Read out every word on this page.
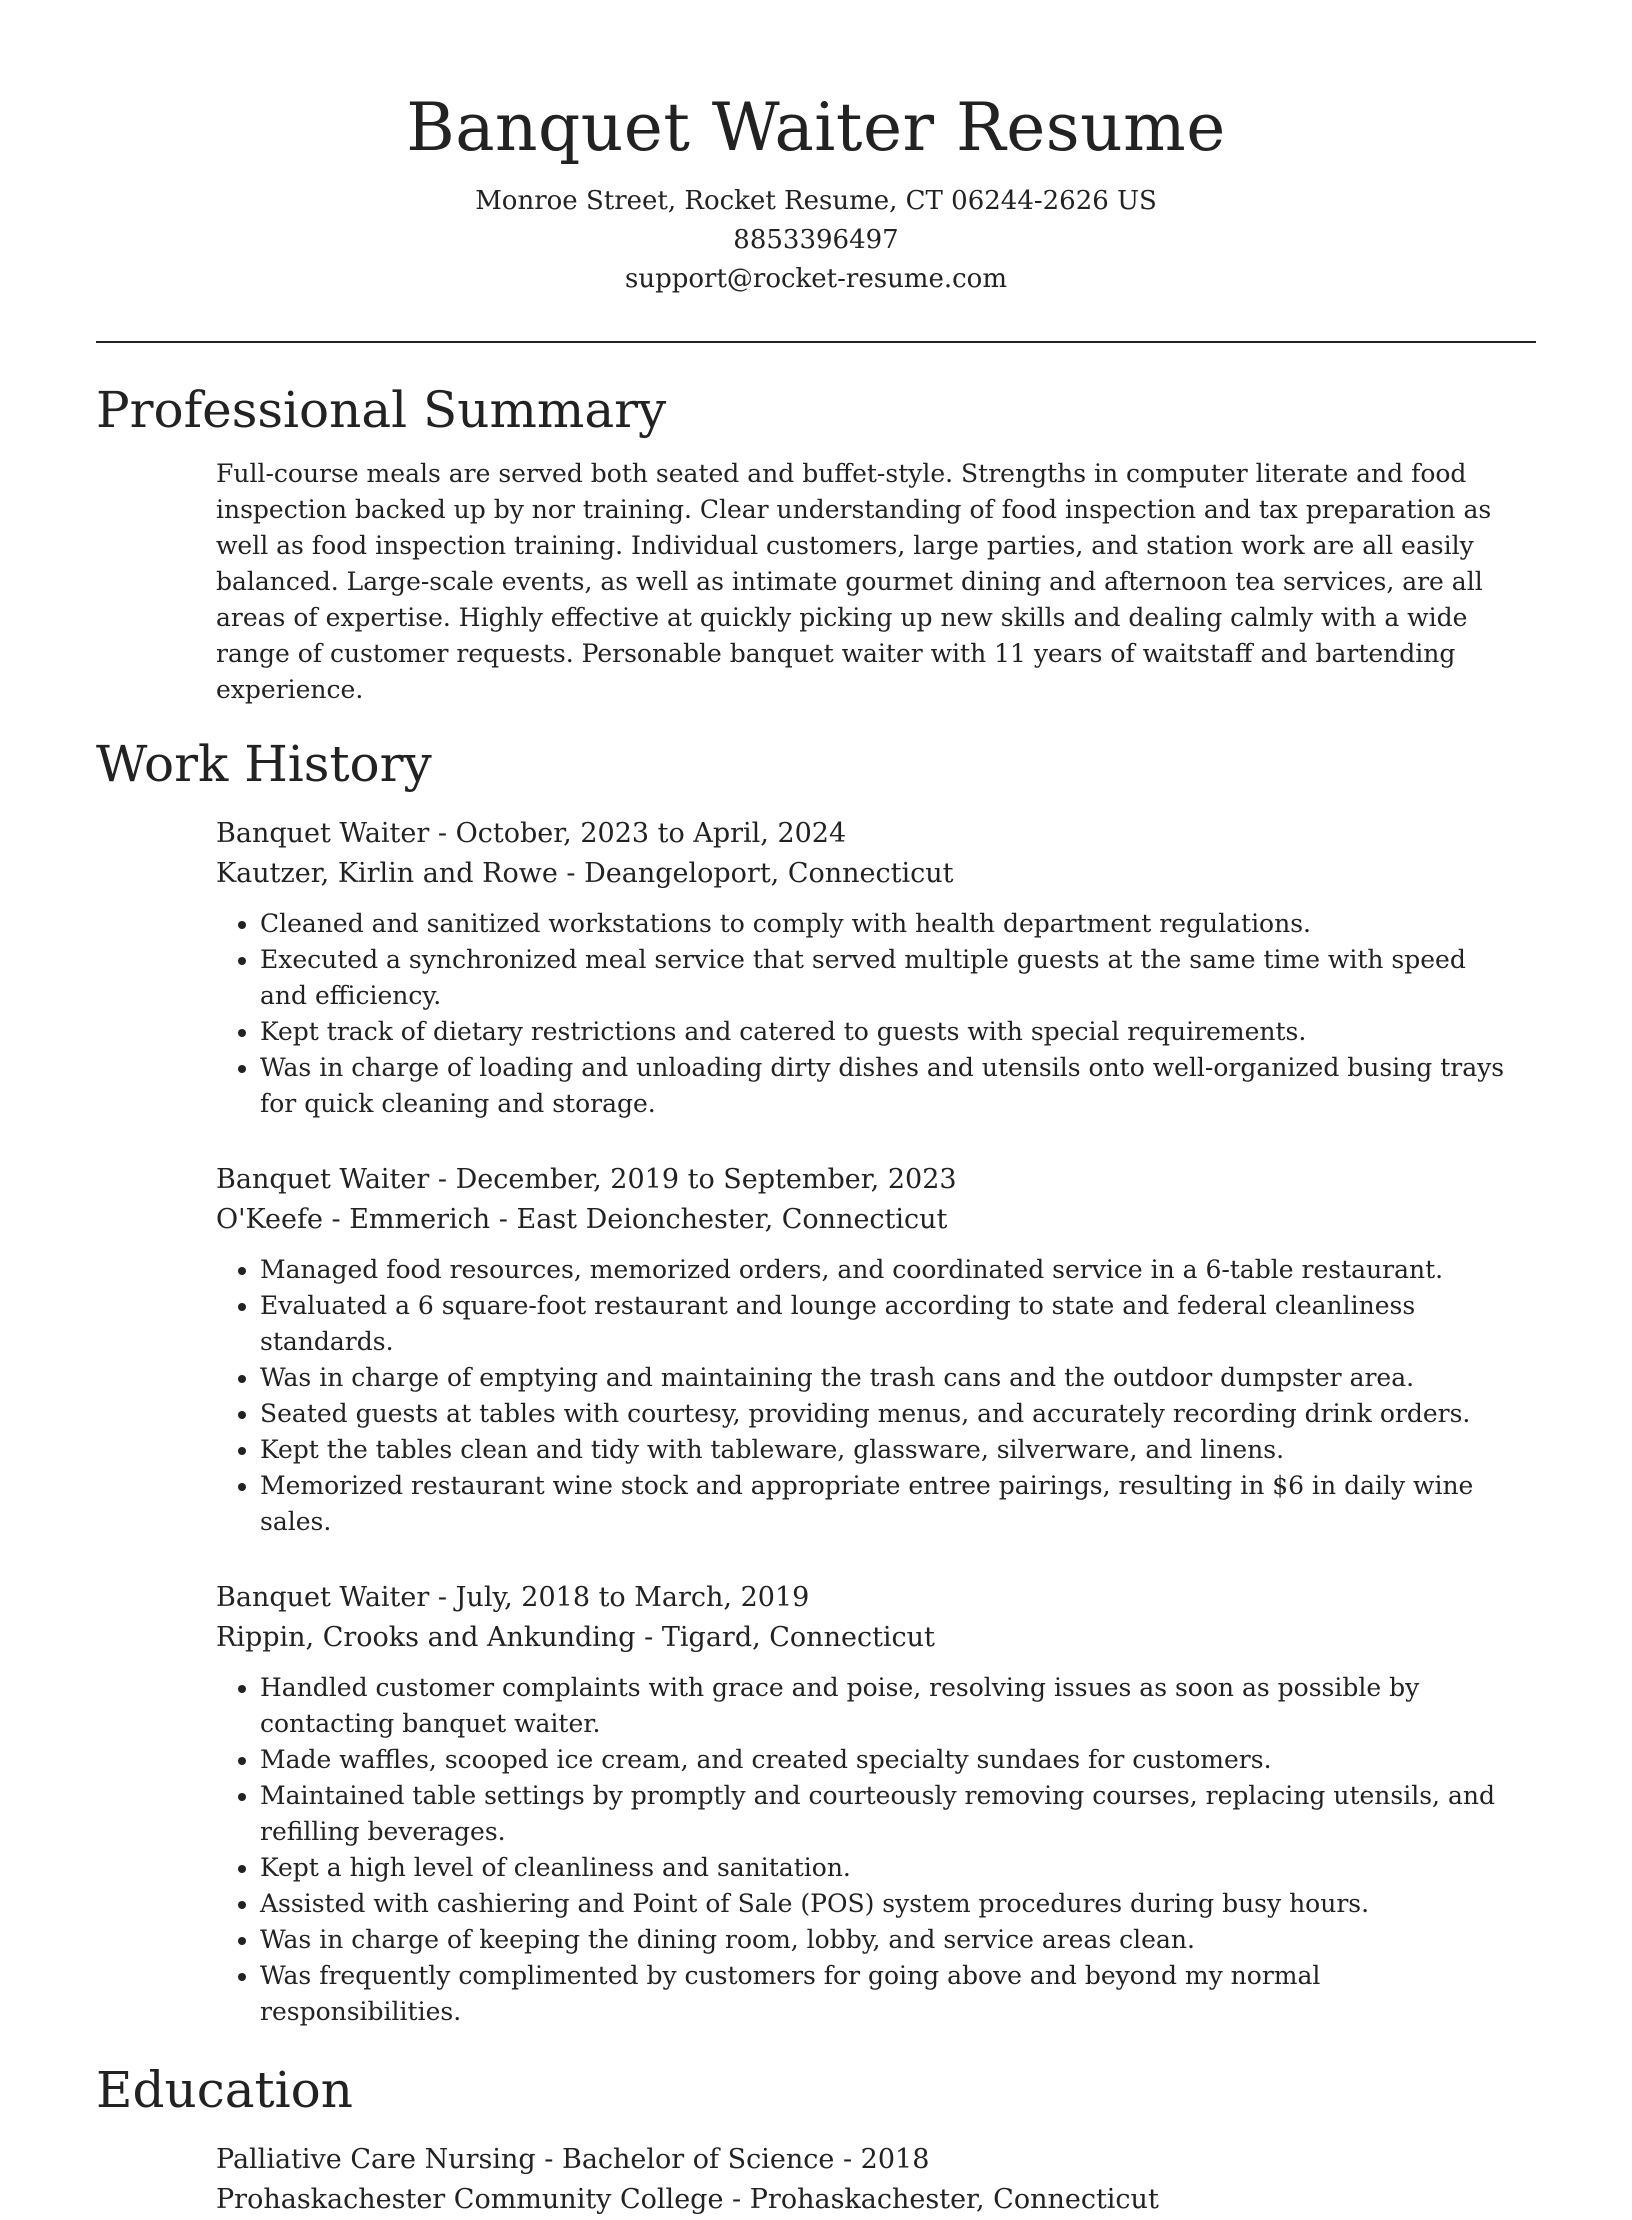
Banquet Waiter Resume
Monroe Street, Rocket Resume, CT 06244-2626 US
8853396497
support@rocket-resume.com
Professional Summary

Full-course meals are served both seated and buffet-style. Strengths in computer literate and food inspection backed up by nor training. Clear understanding of food inspection and tax preparation as well as food inspection training. Individual customers, large parties, and station work are all easily balanced. Large-scale events, as well as intimate gourmet dining and afternoon tea services, are all areas of expertise. Highly effective at quickly picking up new skills and dealing calmly with a wide range of customer requests. Personable banquet waiter with 11 years of waitstaff and bartending experience.

Work History
Banquet Waiter - October, 2023 to April, 2024
Kautzer, Kirlin and Rowe - Deangeloport, Connecticut
• Cleaned and sanitized workstations to comply with health department regulations.
• Executed a synchronized meal service that served multiple guests at the same time with speed and efficiency.
• Kept track of dietary restrictions and catered to guests with special requirements.
• Was in charge of loading and unloading dirty dishes and utensils onto well-organized busing trays for quick cleaning and storage.
Banquet Waiter - December, 2019 to September, 2023
O'Keefe - Emmerich - East Deionchester, Connecticut
• Managed food resources, memorized orders, and coordinated service in a 6-table restaurant.
• Evaluated a 6 square-foot restaurant and lounge according to state and federal cleanliness standards.
• Was in charge of emptying and maintaining the trash cans and the outdoor dumpster area.
• Seated guests at tables with courtesy, providing menus, and accurately recording drink orders.
• Kept the tables clean and tidy with tableware, glassware, silverware, and linens.
• Memorized restaurant wine stock and appropriate entree pairings, resulting in $6 in daily wine sales.
Banquet Waiter - July, 2018 to March, 2019
Rippin, Crooks and Ankunding - Tigard, Connecticut
• Handled customer complaints with grace and poise, resolving issues as soon as possible by contacting banquet waiter.
• Made waffles, scooped ice cream, and created specialty sundaes for customers.
• Maintained table settings by promptly and courteously removing courses, replacing utensils, and refilling beverages.
• Kept a high level of cleanliness and sanitation.
• Assisted with cashiering and Point of Sale (POS) system procedures during busy hours.
• Was in charge of keeping the dining room, lobby, and service areas clean.
• Was frequently complimented by customers for going above and beyond my normal responsibilities.
Education
Palliative Care Nursing - Bachelor of Science - 2018
Prohaskachester Community College - Prohaskachester, Connecticut
